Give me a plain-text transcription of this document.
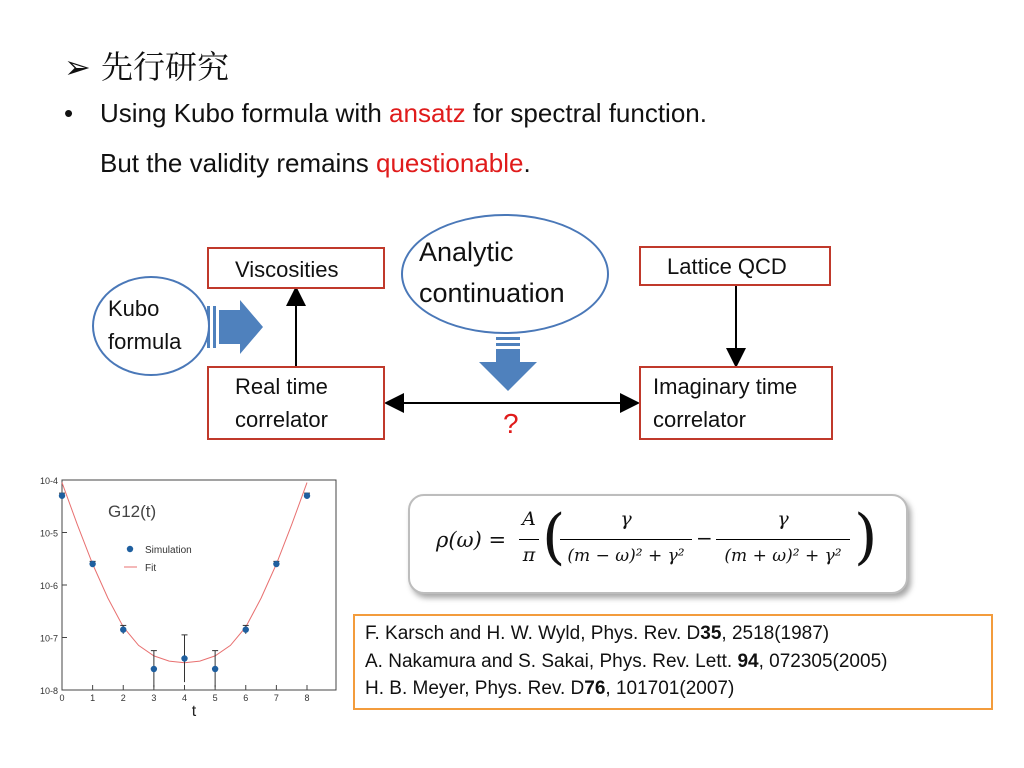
➢ 先行研究
• Using Kubo formula with ansatz for spectral function.
But the validity remains questionable.
Viscosities	Lattice QCD
Real time
correlator
Imaginary time
correlator
Analytic
continuation
Kubo
formula
?
10-4
10-5
10-6
10-7
10-8
0	1	2	3	4	5	6	7	8
G12(t)
Simulation
Fit
t
ρ(ω) =
A
π (	γ
(m − ω)² + γ²
−
γ
(m + ω)² + γ² )
F. Karsch and H. W. Wyld, Phys. Rev. D35, 2518(1987)
A. Nakamura and S. Sakai, Phys. Rev. Lett. 94, 072305(2005)
H. B. Meyer, Phys. Rev. D76, 101701(2007)
